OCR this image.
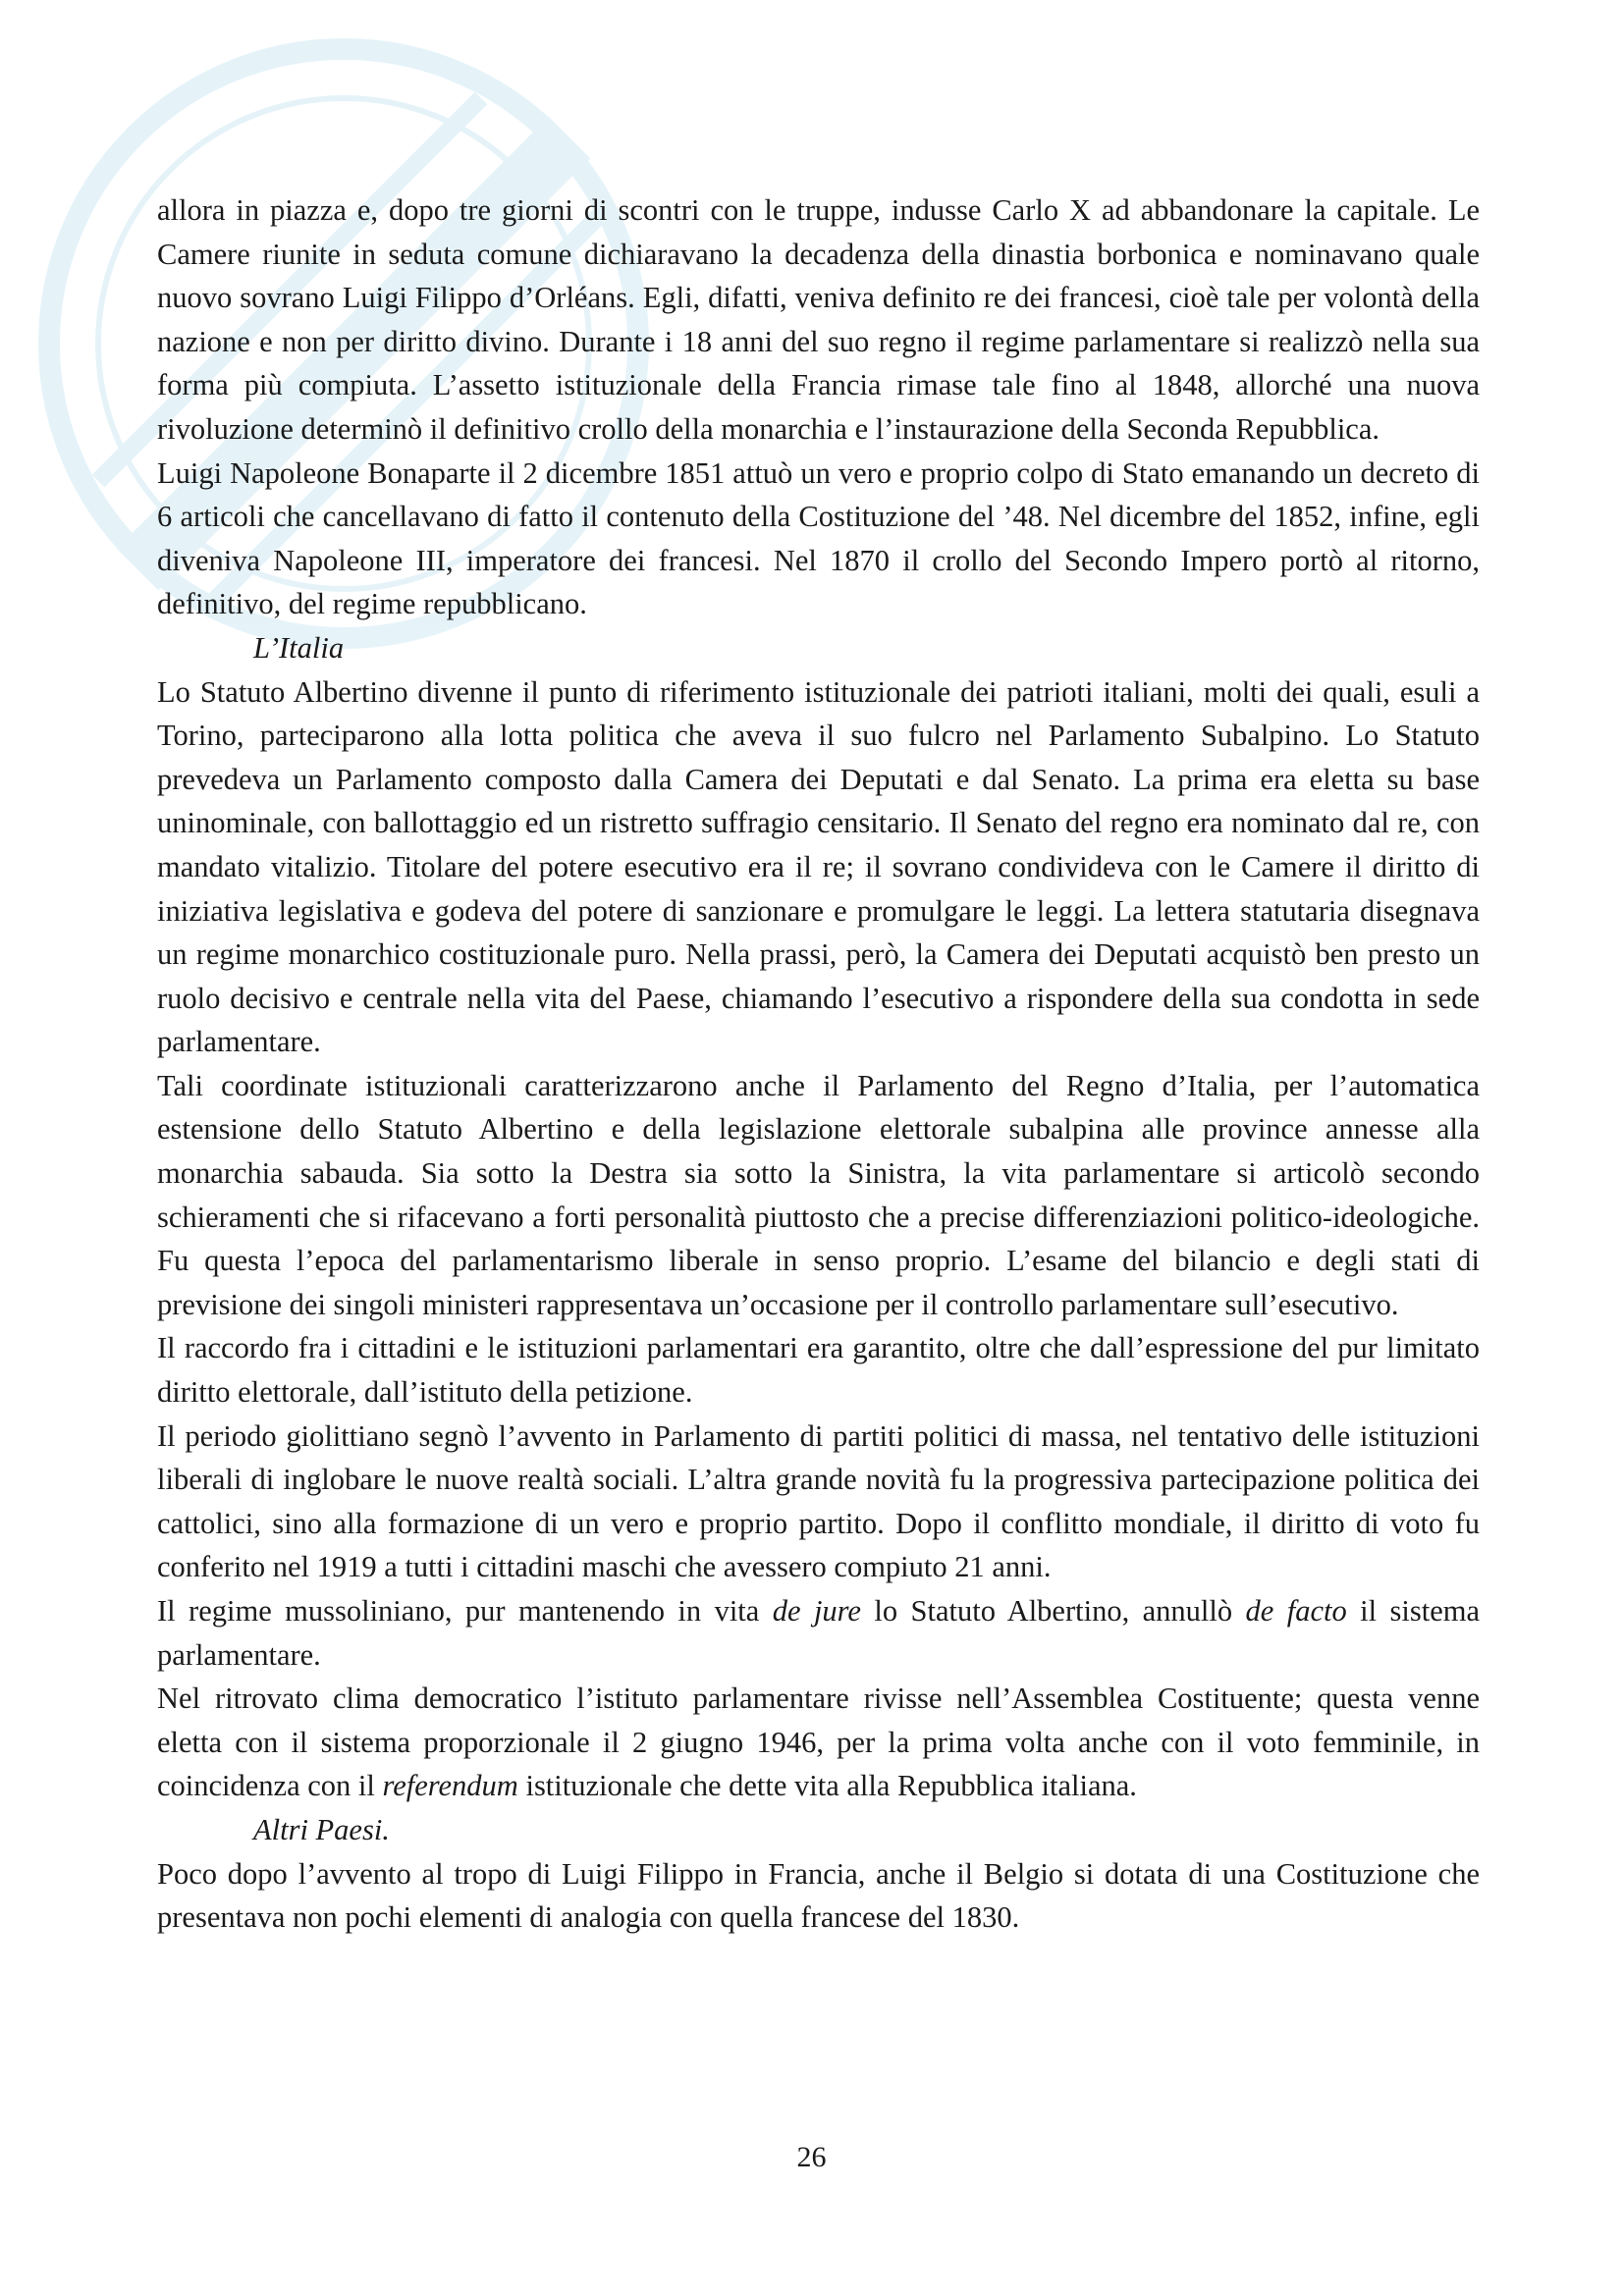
allora in piazza e, dopo tre giorni di scontri con le truppe, indusse Carlo X ad abbandonare la capitale. Le Camere riunite in seduta comune dichiaravano la decadenza della dinastia borbonica e nominavano quale nuovo sovrano Luigi Filippo d’Orléans. Egli, difatti, veniva definito re dei francesi, cioè tale per volontà della nazione e non per diritto divino. Durante i 18 anni del suo regno il regime parlamentare si realizzò nella sua forma più compiuta. L’assetto istituzionale della Francia rimase tale fino al 1848, allorché una nuova rivoluzione determinò il definitivo crollo della monarchia e l’instaurazione della Seconda Repubblica.

Luigi Napoleone Bonaparte il 2 dicembre 1851 attuò un vero e proprio colpo di Stato emanando un decreto di 6 articoli che cancellavano di fatto il contenuto della Costituzione del ’48. Nel dicembre del 1852, infine, egli diveniva Napoleone III, imperatore dei francesi. Nel 1870 il crollo del Secondo Impero portò al ritorno, definitivo, del regime repubblicano.

L’Italia

Lo Statuto Albertino divenne il punto di riferimento istituzionale dei patrioti italiani, molti dei quali, esuli a Torino, parteciparono alla lotta politica che aveva il suo fulcro nel Parlamento Subalpino. Lo Statuto prevedeva un Parlamento composto dalla Camera dei Deputati e dal Senato. La prima era eletta su base uninominale, con ballottaggio ed un ristretto suffragio censitario. Il Senato del regno era nominato dal re, con mandato vitalizio. Titolare del potere esecutivo era il re; il sovrano condivideva con le Camere il diritto di iniziativa legislativa e godeva del potere di sanzionare e promulgare le leggi. La lettera statutaria disegnava un regime monarchico costituzionale puro. Nella prassi, però, la Camera dei Deputati acquistò ben presto un ruolo decisivo e centrale nella vita del Paese, chiamando l’esecutivo a rispondere della sua condotta in sede parlamentare.

Tali coordinate istituzionali caratterizzarono anche il Parlamento del Regno d’Italia, per l’automatica estensione dello Statuto Albertino e della legislazione elettorale subalpina alle province annesse alla monarchia sabauda. Sia sotto la Destra sia sotto la Sinistra, la vita parlamentare si articolò secondo schieramenti che si rifacevano a forti personalità piuttosto che a precise differenziazioni politico-ideologiche. Fu questa l’epoca del parlamentarismo liberale in senso proprio. L’esame del bilancio e degli stati di previsione dei singoli ministeri rappresentava un’occasione per il controllo parlamentare sull’esecutivo.

Il raccordo fra i cittadini e le istituzioni parlamentari era garantito, oltre che dall’espressione del pur limitato diritto elettorale, dall’istituto della petizione.

Il periodo giolittiano segnò l’avvento in Parlamento di partiti politici di massa, nel tentativo delle istituzioni liberali di inglobare le nuove realtà sociali. L’altra grande novità fu la progressiva partecipazione politica dei cattolici, sino alla formazione di un vero e proprio partito. Dopo il conflitto mondiale, il diritto di voto fu conferito nel 1919 a tutti i cittadini maschi che avessero compiuto 21 anni.

Il regime mussoliniano, pur mantenendo in vita de jure lo Statuto Albertino, annullò de facto il sistema parlamentare.

Nel ritrovato clima democratico l’istituto parlamentare rivisse nell’Assemblea Costituente; questa venne eletta con il sistema proporzionale il 2 giugno 1946, per la prima volta anche con il voto femminile, in coincidenza con il referendum istituzionale che dette vita alla Repubblica italiana.

Altri Paesi.

Poco dopo l’avvento al tropo di Luigi Filippo in Francia, anche il Belgio si dotata di una Costituzione che presentava non pochi elementi di analogia con quella francese del 1830.

26
